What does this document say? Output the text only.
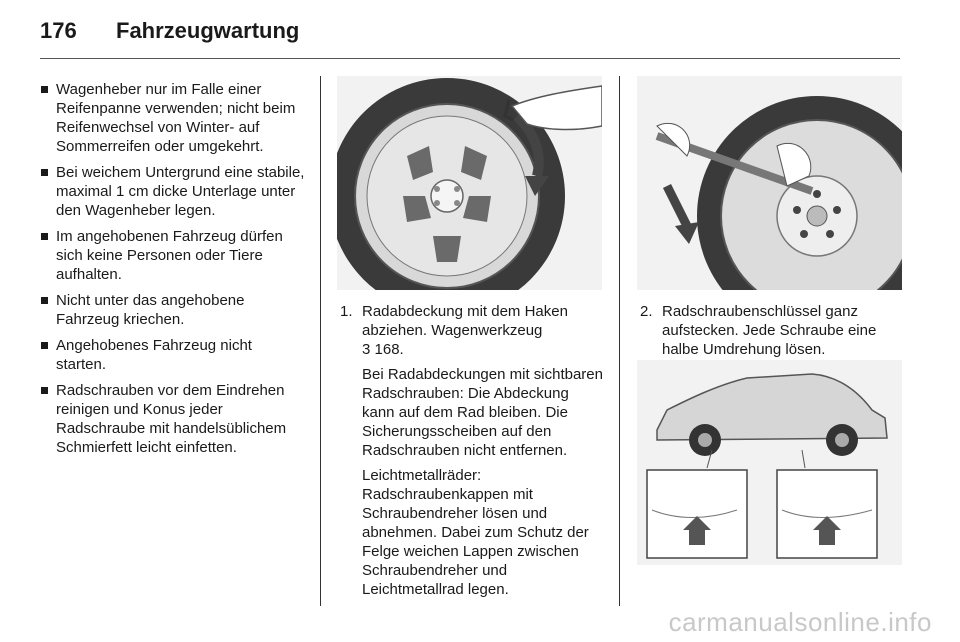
176 Fahrzeugwartung
Wagenheber nur im Falle einer Reifenpanne verwenden; nicht beim Reifenwechsel von Winter- auf Sommerreifen oder umgekehrt.
Bei weichem Untergrund eine stabile, maximal 1 cm dicke Unterlage unter den Wagenheber legen.
Im angehobenen Fahrzeug dürfen sich keine Personen oder Tiere aufhalten.
Nicht unter das angehobene Fahrzeug kriechen.
Angehobenes Fahrzeug nicht starten.
Radschrauben vor dem Eindrehen reinigen und Konus jeder Radschraube mit handelsüblichem Schmierfett leicht einfetten.
1. Radabdeckung mit dem Haken abziehen. Wagenwerkzeug
3 168.
Bei Radabdeckungen mit sichtbaren Radschrauben: Die Abdeckung kann auf dem Rad bleiben. Die Sicherungsscheiben auf den Radschrauben nicht entfernen.
Leichtmetallräder: Radschraubenkappen mit Schraubendreher lösen und abnehmen. Dabei zum Schutz der Felge weichen Lappen zwischen Schraubendreher und Leichtmetallrad legen.
2. Radschraubenschlüssel ganz aufstecken. Jede Schraube eine halbe Umdrehung lösen.
carmanualsonline.info
